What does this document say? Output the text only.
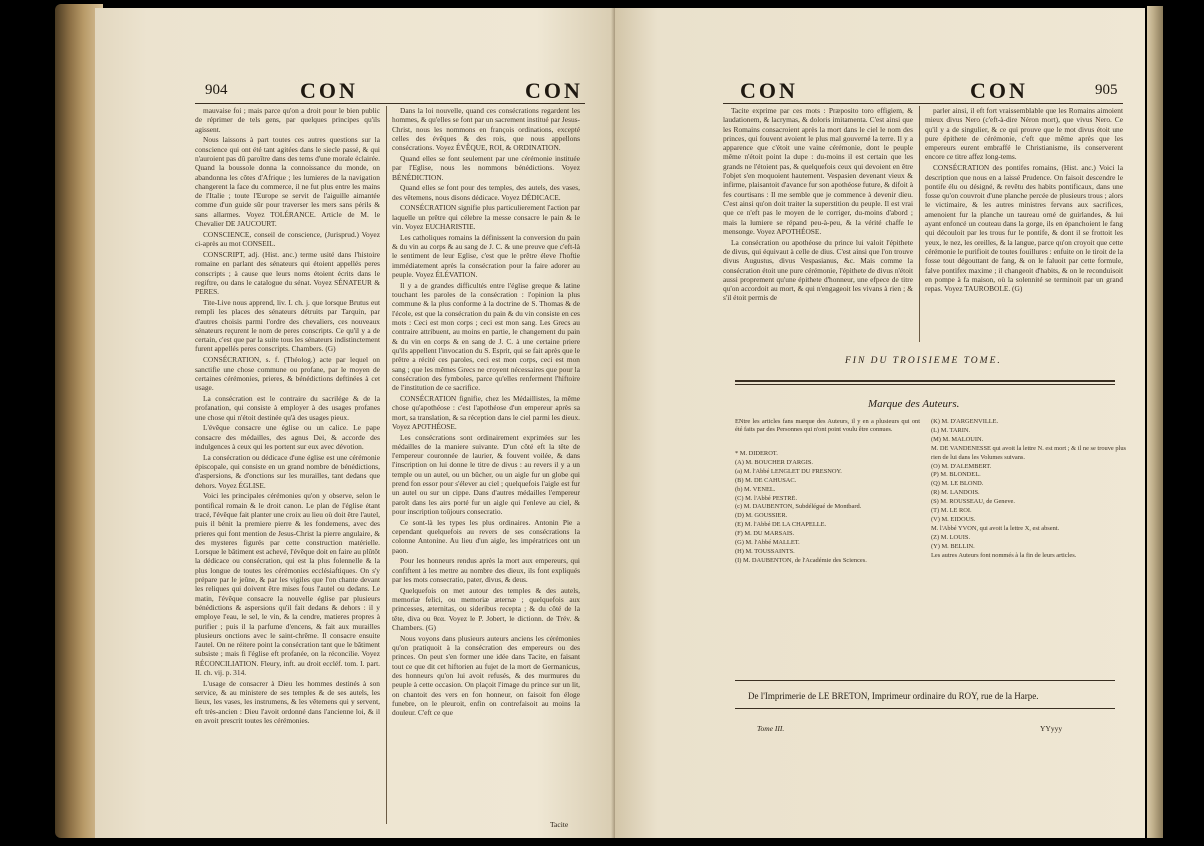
904	CON	CON

mauvaise foi ; mais parce qu'on a droit pour le bien public de réprimer de tels gens, par quelques principes qu'ils agissent.

Nous laissons à part toutes ces autres questions sur la conscience qui ont été tant agitées dans le siecle passé, & qui n'auroient pas dû paroître dans des tems d'une morale éclairée. Quand la boussole donna la connoissance du monde, on abandonna les côtes d'Afrique ; les lumieres de la navigation changerent la face du commerce, il ne fut plus entre les mains de l'Italie ; toute l'Europe se servit de l'aiguille aimantée comme d'un guide sûr pour traverser les mers sans périls & sans allarmes. Voyez TOLÉRANCE. Article de M. le Chevalier DE JAUCOURT.

CONSCIENCE, conseil de conscience, (Jurisprud.) Voyez ci-après au mot CONSEIL.

CONSCRIPT, adj. (Hist. anc.) terme usité dans l'histoire romaine en parlant des sénateurs qui étoient appellés peres conscripts ; à cause que leurs noms étoient écrits dans le regiftre, ou dans le catalogue du sénat. Voyez SÉNATEUR & PERES.

Tite-Live nous apprend, liv. I. ch. j. que lorsque Brutus eut rempli les places des sénateurs détruits par Tarquin, par d'autres choisis parmi l'ordre des chevaliers, ces nouveaux sénateurs reçurent le nom de peres conscripts. Ce qu'il y a de certain, c'est que par la suite tous les sénateurs indistinctement furent appellés peres conscripts. Chambers. (G)

CONSÉCRATION, s. f. (Théolog.) acte par lequel on sanctifie une chose commune ou profane, par le moyen de certaines cérémonies, prieres, & bénédictions deftinées à cet usage.

La consécration est le contraire du sacrilége & de la profanation, qui consiste à employer à des usages profanes une chose qui n'étoit destinée qu'à des usages pieux.

L'évêque consacre une église ou un calice. Le pape consacre des médailles, des agnus Dei, & accorde des indulgences à ceux qui les portent sur eux avec dévotion.

La consécration ou dédicace d'une église est une cérémonie épiscopale, qui consiste en un grand nombre de bénédictions, d'aspersions, & d'onctions sur les murailles, tant dedans que dehors. Voyez ÉGLISE.

Voici les principales cérémonies qu'on y observe, selon le pontifical romain & le droit canon. Le plan de l'église étant tracé, l'évêque fait planter une croix au lieu où doit être l'autel, puis il bénit la premiere pierre & les fondemens, avec des prieres qui font mention de Jesus-Christ la pierre angulaire, & des mysteres figurés par cette construction matérielle. Lorsque le bâtiment est achevé, l'évêque doit en faire au plûtôt la dédicace ou consécration, qui est la plus folennelle & la plus longue de toutes les cérémonies ecclésiaftiques. On s'y prépare par le jeûne, & par les vigiles que l'on chante devant les reliques qui doivent être mises fous l'autel ou dedans. Le matin, l'évêque consacre la nouvelle église par plusieurs bénédictions & aspersions qu'il fait dedans & dehors : il y employe l'eau, le sel, le vin, & la cendre, matieres propres à purifier ; puis il la parfume d'encens, & fait aux murailles plusieurs onctions avec le saint-chrême. Il consacre ensuite l'autel. On ne réitere point la consécration tant que le bâtiment subsiste ; mais fi l'église eft profanée, on la réconcilie. Voyez RÉCONCILIATION. Fleury, inft. au droit eccléf. tom. I. part. II. ch. vij. p. 314.

L'usage de consacrer à Dieu les hommes destinés à son service, & au ministere de ses temples & de ses autels, les lieux, les vases, les instrumens, & les vêtemens qui y servent, eft très-ancien : Dieu l'avoit ordonné dans l'ancienne loi, & il en avoit prescrit toutes les cérémonies.

Dans la loi nouvelle, quand ces consécrations regardent les hommes, & qu'elles se font par un sacrement institué par Jesus-Christ, nous les nommons en françois ordinations, excepté celles des évêques & des rois, que nous appellons consécrations. Voyez ÉVÊQUE, ROI, & ORDINATION.

Quand elles se font seulement par une cérémonie instituée par l'Eglise, nous les nommons bénédictions. Voyez BÉNÉDICTION.

Quand elles se font pour des temples, des autels, des vases, des vêtemens, nous disons dédicace. Voyez DÉDICACE.

CONSÉCRATION signifie plus particulierement l'action par laquelle un prêtre qui célebre la messe consacre le pain & le vin. Voyez EUCHARISTIE.

Les catholiques romains la définissent la conversion du pain & du vin au corps & au sang de J. C. & une preuve que c'eft-là le sentiment de leur Eglise, c'est que le prêtre éleve l'hoftie immédiatement après la consécration pour la faire adorer au peuple. Voyez ÉLÉVATION.

Il y a de grandes difficultés entre l'église greque & latine touchant les paroles de la consécration : l'opinion la plus commune & la plus conforme à la doctrine de S. Thomas & de l'école, est que la consécration du pain & du vin consiste en ces mots : Ceci est mon corps ; ceci est mon sang. Les Grecs au contraire attribuent, au moins en partie, le changement du pain & du vin en corps & en sang de J. C. à une certaine priere qu'ils appellent l'invocation du S. Esprit, qui se fait après que le prêtre a récité ces paroles, ceci est mon corps, ceci est mon sang ; que les mêmes Grecs ne croyent nécessaires que pour la consécration des fymboles, parce qu'elles renferment l'hiftoire de l'institution de ce sacrifice.

CONSÉCRATION fignifie, chez les Médaillistes, la même chose qu'apothéose : c'est l'apothéose d'un empereur après sa mort, sa translation, & sa réception dans le ciel parmi les dieux. Voyez APOTHÉOSE.

Les consécrations sont ordinairement exprimées sur les médailles de la maniere suivante. D'un côté eft la tête de l'empereur couronnée de laurier, & fouvent voilée, & dans l'inscription on lui donne le titre de divus : au revers il y a un temple ou un autel, ou un bûcher, ou un aigle fur un globe qui prend fon essor pour s'élever au ciel ; quelquefois l'aigle est fur un autel ou sur un cippe. Dans d'autres médailles l'empereur paroît dans les airs porté fur un aigle qui l'enleve au ciel, & pour inscription toûjours consecratio.

Ce sont-là les types les plus ordinaires. Antonin Pie a cependant quelquefois au revers de ses consécrations la colonne Antonine. Au lieu d'un aigle, les impératrices ont un paon.

Pour les honneurs rendus après la mort aux empereurs, qui confiftent à les mettre au nombre des dieux, ils font expliqués par les mots consecratio, pater, divus, & deus.

Quelquefois on met autour des temples & des autels, memoriæ felici, ou memoriæ æternæ ; quelquefois aux princesses, æternitas, ou sideribus recepta ; & du côté de la tête, diva ou θεα. Voyez le P. Jobert, le dictionn. de Trév. & Chambers. (G)

Nous voyons dans plusieurs auteurs anciens les cérémonies qu'on pratiquoit à la consécration des empereurs ou des princes. On peut s'en former une idée dans Tacite, en faisant tout ce que dit cet hiftorien au fujet de la mort de Germanicus, des honneurs qu'on lui avoit refusés, & des murmures du peuple à cette occasion. On plaçoit l'image du prince sur un lit, on chantoit des vers en fon honneur, on faisoit fon éloge funebre, on le pleuroit, enfin on contrefaisoit au moins la douleur. C'eft ce que

Tacite
CON	CON	905

Tacite exprime par ces mots : Præposito toro effigiem, & laudationem, & lacrymas, & doloris imitamenta. C'est ainsi que les Romains consacroient après la mort dans le ciel le nom des princes, qui fouvent avoient le plus mal gouverné la terre. Il y a apparence que c'étoit une vaine cérémonie, dont le peuple même n'étoit point la dupe : du-moins il est certain que les grands ne l'étoient pas, & quelquefois ceux qui devoient en être l'objet s'en moquoient hautement. Vespasien devenant vieux & infirme, plaisantoit d'avance fur son apothéose future, & difoit à fes courtisans : Il me semble que je commence à devenir dieu. C'est ainsi qu'on doit traiter la superstition du peuple. Il est vrai que ce n'eft pas le moyen de le corriger, du-moins d'abord ; mais la lumiere se répand peu-à-peu, & la vérité chaffe le mensonge. Voyez APOTHÉOSE.

La consécration ou apothéose du prince lui valoit l'épithete de divus, qui équivaut à celle de dius. C'est ainsi que l'on trouve divus Augustus, divus Vespasianus, &c. Mais comme la consécration étoit une pure cérémonie, l'épithete de divus n'étoit aussi proprement qu'une épithete d'honneur, une efpece de titre qu'on accordoit au mort, & qui n'engageoit les vivans à rien ; & s'il étoit permis de

parler ainsi, il eft fort vraissemblable que les Romains aimoient mieux divus Nero (c'eft-à-dire Néron mort), que vivus Nero. Ce qu'il y a de singulier, & ce qui prouve que le mot divus étoit une pure épithete de cérémonie, c'eft que même après que les empereurs eurent embraffé le Christianisme, ils conserverent encore ce titre affez long-tems.

CONSÉCRATION des pontifes romains, (Hist. anc.) Voici la description que nous en a laissé Prudence. On faisoit descendre le pontife élu ou désigné, & revêtu des habits pontificaux, dans une fosse qu'on couvroit d'une planche percée de plusieurs trous ; alors le victimaire, & les autres ministres fervans aux sacrifices, amenoient fur la planche un taureau orné de guirlandes, & lui ayant enfoncé un couteau dans la gorge, ils en épanchoient le fang qui découloit par les trous fur le pontife, & dont il se frottoit les yeux, le nez, les oreilles, & la langue, parce qu'on croyoit que cette cérémonie le purifioit de toutes fouillures : enfuite on le tiroit de la fosse tout dégouttant de fang, & on le faluoit par cette formule, falve pontifex maxime ; il changeoit d'habits, & on le reconduisoit en pompe à fa maison, où la solennité se terminoit par un grand repas. Voyez TAUROBOLE. (G)

FIN DU TROISIEME TOME.
Marque des Auteurs.
ENtre les articles fans marque des Auteurs, il y en a plusieurs qui ont été faits par des Personnes qui n'ont point voulu être connues.
* M. DIDEROT.
(A) M. BOUCHER D'ARGIS.
(a) M. l'Abbé LENGLET DU FRESNOY.
(B) M. DE CAHUSAC.
(b) M. VENEL.
(C) M. l'Abbé PESTRÉ.
(c) M. DAUBENTON, Subdélégué de Montbard.
(D) M. GOUSSIER.
(E) M. l'Abbé DE LA CHAPELLE.
(F) M. DU MARSAIS.
(G) M. l'Abbé MALLET.
(H) M. TOUSSAINTS.
(I) M. DAUBENTON, de l'Académie des Sciences.
(K) M. D'ARGENVILLE.
(L) M. TARIN.
(M) M. MALOUIN.
M. DE VANDENESSE qui avoit la lettre N. est mort ; & il ne se trouve plus rien de lui dans les Volumes suivans.
(O) M. D'ALEMBERT.
(P) M. BLONDEL.
(Q) M. LE BLOND.
(R) M. LANDOIS.
(S) M. ROUSSEAU, de Geneve.
(T) M. LE ROI.
(V) M. EIDOUS.
M. l'Abbé YVON, qui avoit la lettre X, est absent.
(Z) M. LOUIS.
(Y) M. BELLIN.
Les autres Auteurs font nommés à la fin de leurs articles.
De l'Imprimerie de LE BRETON, Imprimeur ordinaire du ROY, rue de la Harpe.
Tome III.	YYyyy
